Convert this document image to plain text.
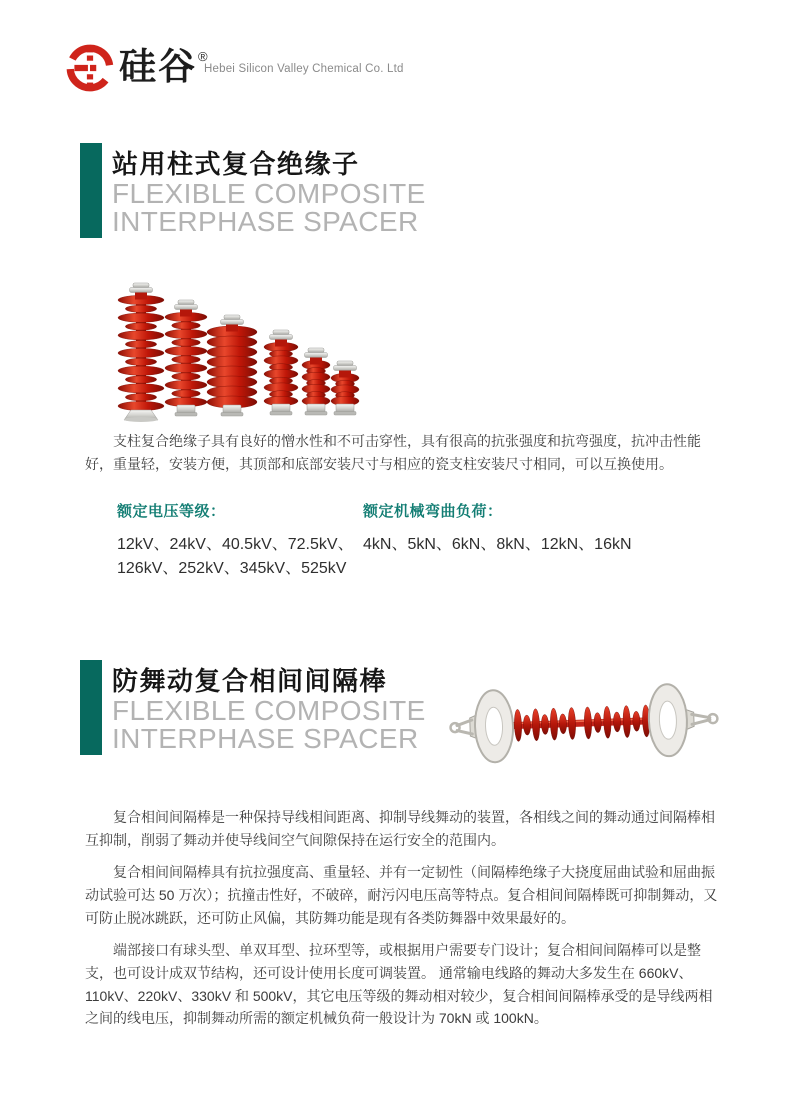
硅谷®
Hebei Silicon Valley Chemical Co. Ltd
站用柱式复合绝缘子
FLEXIBLE COMPOSITE
INTERPHASE SPACER

支柱复合绝缘子具有良好的憎水性和不可击穿性，具有很高的抗张强度和抗弯强度，抗冲击性能好，重量轻，安装方便，其顶部和底部安装尺寸与相应的瓷支柱安装尺寸相同，可以互换使用。

额定电压等级：
12kV、24kV、40.5kV、72.5kV、
126kV、252kV、345kV、525kV
额定机械弯曲负荷：
4kN、5kN、6kN、8kN、12kN、16kN
防舞动复合相间间隔棒
FLEXIBLE COMPOSITE
INTERPHASE SPACER

复合相间间隔棒是一种保持导线相间距离、抑制导线舞动的装置，各相线之间的舞动通过间隔棒相互抑制，削弱了舞动并使导线间空气间隙保持在运行安全的范围内。

复合相间间隔棒具有抗拉强度高、重量轻、并有一定韧性（间隔棒绝缘子大挠度屈曲试验和屈曲振动试验可达 50 万次）；抗撞击性好，不破碎，耐污闪电压高等特点。复合相间间隔棒既可抑制舞动，又可防止脱冰跳跃，还可防止风偏，其防舞功能是现有各类防舞器中效果最好的。

端部接口有球头型、单双耳型、拉环型等，或根据用户需要专门设计；复合相间间隔棒可以是整支，也可设计成双节结构，还可设计使用长度可调装置。 通常输电线路的舞动大多发生在 660kV、110kV、220kV、330kV 和 500kV，其它电压等级的舞动相对较少，复合相间间隔棒承受的是导线两相之间的线电压，抑制舞动所需的额定机械负荷一般设计为 70kN 或 100kN。
